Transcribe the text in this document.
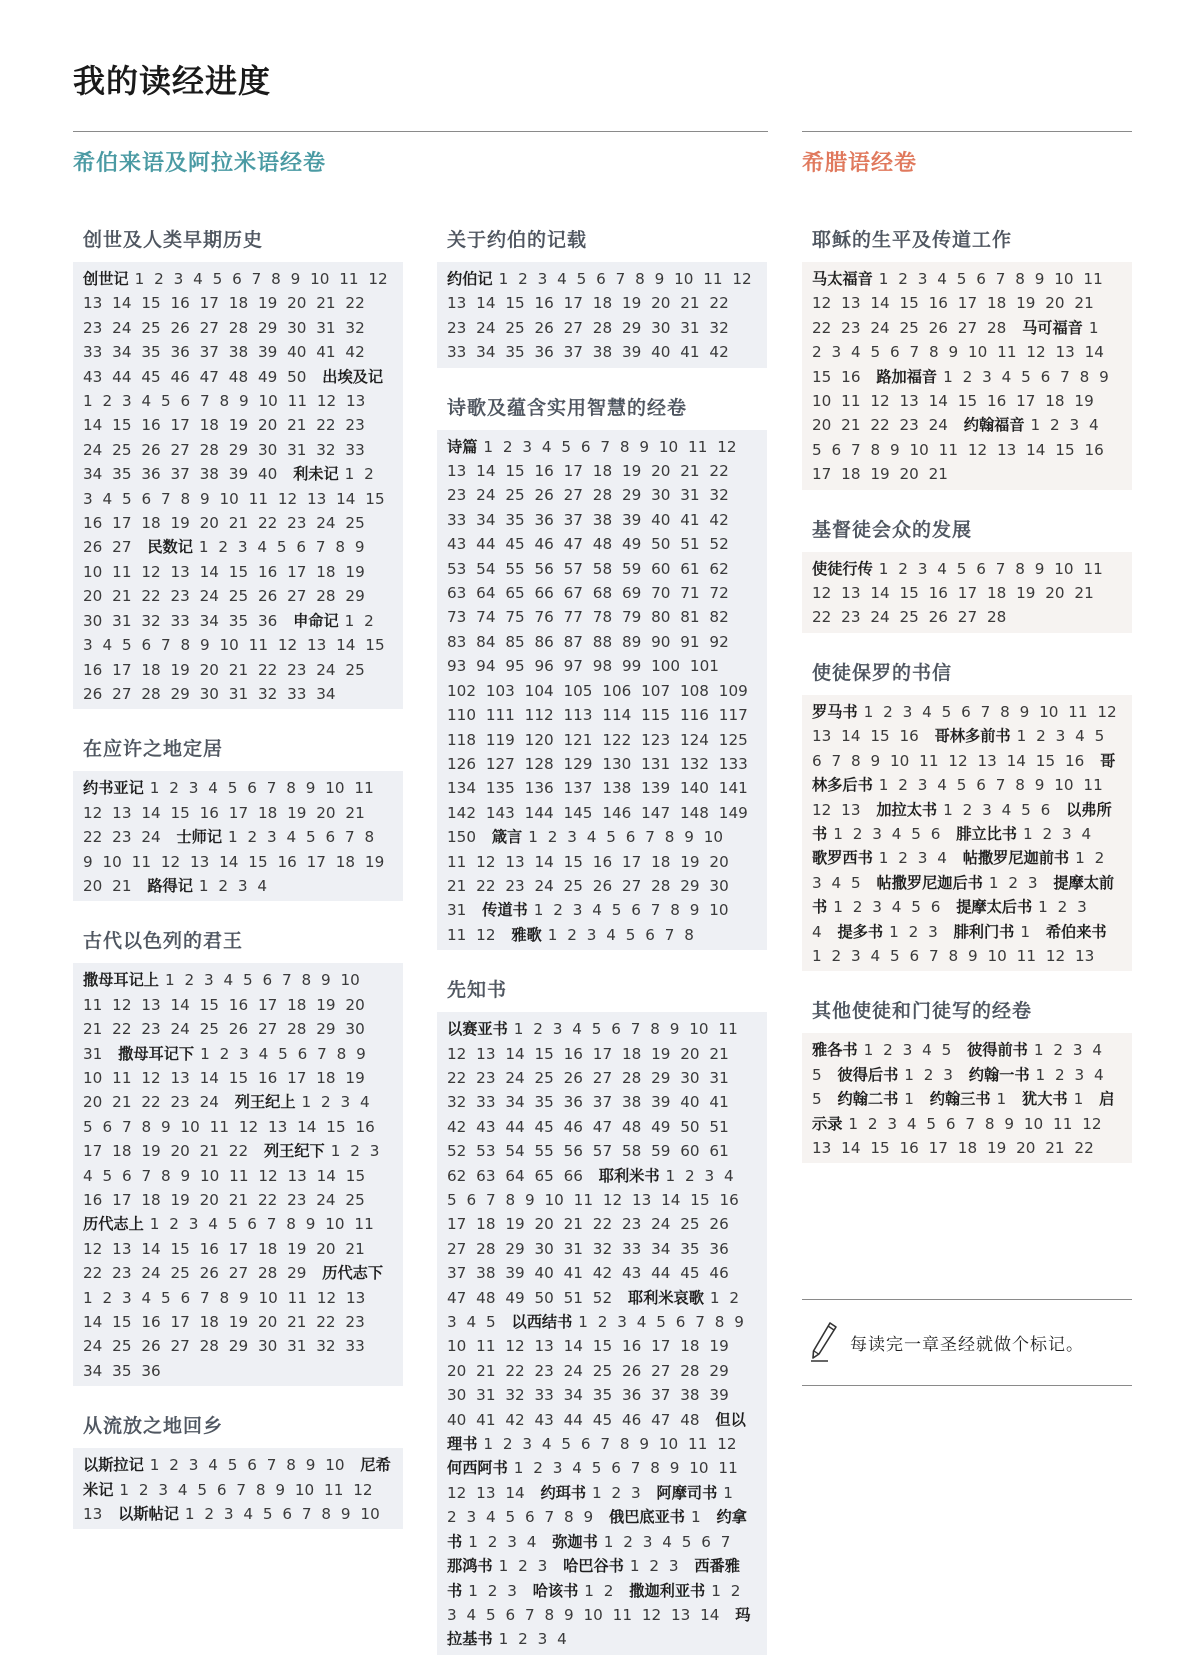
我的读经进度
希伯来语及阿拉米语经卷	希腊语经卷
创世及人类早期历史
创世记 1 2 3 4 5 6 7 8 9 10 11 12 13 14 15 16 17 18 19 20 21 22 23 24 25 26 27 28 29 30 31 32 33 34 35 36 37 38 39 40 41 42 43 44 45 46 47 48 49 50 出埃及记1 2 3 4 5 6 7 8 9 10 11 12 13 14 15 16 17 18 19 20 21 22 23 24 25 26 27 28 29 30 31 32 33 34 35 36 37 38 39 40 利未记 1 2 3 4 5 6 7 8 9 10 11 12 13 14 15 16 17 18 19 20 21 22 23 24 25 26 27 民数记 1 2 3 4 5 6 7 8 9 10 11 12 13 14 15 16 17 18 19 20 21 22 23 24 25 26 27 28 29 30 31 32 33 34 35 36 申命记 1 2 3 4 5 6 7 8 9 10 11 12 13 14 15 16 17 18 19 20 21 22 23 24 25 26 27 28 29 30 31 32 33 34
在应许之地定居
约书亚记 1 2 3 4 5 6 7 8 9 10 11 12 13 14 15 16 17 18 19 20 21 22 23 24 士师记 1 2 3 4 5 6 7 8 9 10 11 12 13 14 15 16 17 18 19 20 21 路得记 1 2 3 4
古代以色列的君王
撒母耳记上 1 2 3 4 5 6 7 8 9 10 11 12 13 14 15 16 17 18 19 20 21 22 23 24 25 26 27 28 29 30 31 撒母耳记下 1 2 3 4 5 6 7 8 9 10 11 12 13 14 15 16 17 18 19 20 21 22 23 24 列王纪上 1 2 3 4 5 6 7 8 9 10 11 12 13 14 15 16 17 18 19 20 21 22 列王纪下 1 2 3 4 5 6 7 8 9 10 11 12 13 14 15 16 17 18 19 20 21 22 23 24 25 历代志上 1 2 3 4 5 6 7 8 9 10 11 12 13 14 15 16 17 18 19 20 21 22 23 24 25 26 27 28 29 历代志下1 2 3 4 5 6 7 8 9 10 11 12 13 14 15 16 17 18 19 20 21 22 23 24 25 26 27 28 29 30 31 32 33 34 35 36
从流放之地回乡
以斯拉记 1 2 3 4 5 6 7 8 9 10 尼希米记 1 2 3 4 5 6 7 8 9 10 11 12 13 以斯帖记 1 2 3 4 5 6 7 8 9 10
关于约伯的记载
约伯记 1 2 3 4 5 6 7 8 9 10 11 12 13 14 15 16 17 18 19 20 21 22 23 24 25 26 27 28 29 30 31 32 33 34 35 36 37 38 39 40 41 42
诗歌及蕴含实用智慧的经卷
诗篇 1 2 3 4 5 6 7 8 9 10 11 12 13 14 15 16 17 18 19 20 21 22 23 24 25 26 27 28 29 30 31 32 33 34 35 36 37 38 39 40 41 42 43 44 45 46 47 48 49 50 51 52 53 54 55 56 57 58 59 60 61 62 63 64 65 66 67 68 69 70 71 72 73 74 75 76 77 78 79 80 81 82 83 84 85 86 87 88 89 90 91 92 93 94 95 96 97 98 99 100 101 102 103 104 105 106 107 108 109 110 111 112 113 114 115 116 117 118 119 120 121 122 123 124 125 126 127 128 129 130 131 132 133 134 135 136 137 138 139 140 141 142 143 144 145 146 147 148 149 150 箴言 1 2 3 4 5 6 7 8 9 10 11 12 13 14 15 16 17 18 19 20 21 22 23 24 25 26 27 28 29 30 31 传道书 1 2 3 4 5 6 7 8 9 10 11 12 雅歌 1 2 3 4 5 6 7 8
先知书
以赛亚书 1 2 3 4 5 6 7 8 9 10 11 12 13 14 15 16 17 18 19 20 21 22 23 24 25 26 27 28 29 30 31 32 33 34 35 36 37 38 39 40 41 42 43 44 45 46 47 48 49 50 51 52 53 54 55 56 57 58 59 60 61 62 63 64 65 66 耶利米书 1 2 3 4 5 6 7 8 9 10 11 12 13 14 15 16 17 18 19 20 21 22 23 24 25 26 27 28 29 30 31 32 33 34 35 36 37 38 39 40 41 42 43 44 45 46 47 48 49 50 51 52 耶利米哀歌 1 2 3 4 5 以西结书 1 2 3 4 5 6 7 8 9 10 11 12 13 14 15 16 17 18 19 20 21 22 23 24 25 26 27 28 29 30 31 32 33 34 35 36 37 38 39 40 41 42 43 44 45 46 47 48 但以理书 1 2 3 4 5 6 7 8 9 10 11 12 何西阿书 1 2 3 4 5 6 7 8 9 10 11 12 13 14 约珥书 1 2 3 阿摩司书 1 2 3 4 5 6 7 8 9 俄巴底亚书 1 约拿书 1 2 3 4 弥迦书 1 2 3 4 5 6 7 那鸿书 1 2 3 哈巴谷书 1 2 3 西番雅书 1 2 3 哈该书 1 2 撒迦利亚书 1 2 3 4 5 6 7 8 9 10 11 12 13 14 玛拉基书 1 2 3 4
耶稣的生平及传道工作
马太福音 1 2 3 4 5 6 7 8 9 10 11 12 13 14 15 16 17 18 19 20 21 22 23 24 25 26 27 28 马可福音 1 2 3 4 5 6 7 8 9 10 11 12 13 14 15 16 路加福音 1 2 3 4 5 6 7 8 9 10 11 12 13 14 15 16 17 18 19 20 21 22 23 24 约翰福音 1 2 3 4 5 6 7 8 9 10 11 12 13 14 15 16 17 18 19 20 21
基督徒会众的发展
使徒行传 1 2 3 4 5 6 7 8 9 10 11 12 13 14 15 16 17 18 19 20 21 22 23 24 25 26 27 28
使徒保罗的书信
罗马书 1 2 3 4 5 6 7 8 9 10 11 12 13 14 15 16 哥林多前书 1 2 3 4 5 6 7 8 9 10 11 12 13 14 15 16 哥林多后书 1 2 3 4 5 6 7 8 9 10 11 12 13 加拉太书 1 2 3 4 5 6 以弗所书 1 2 3 4 5 6 腓立比书 1 2 3 4 歌罗西书 1 2 3 4 帖撒罗尼迦前书 1 2 3 4 5 帖撒罗尼迦后书 1 2 3 提摩太前书 1 2 3 4 5 6 提摩太后书 1 2 3 4 提多书 1 2 3 腓利门书 1 希伯来书1 2 3 4 5 6 7 8 9 10 11 12 13
其他使徒和门徒写的经卷
雅各书 1 2 3 4 5 彼得前书 1 2 3 4 5 彼得后书 1 2 3 约翰一书 1 2 3 4 5 约翰二书 1 约翰三书 1 犹大书 1 启示录 1 2 3 4 5 6 7 8 9 10 11 12 13 14 15 16 17 18 19 20 21 22
每读完一章圣经就做个标记。
